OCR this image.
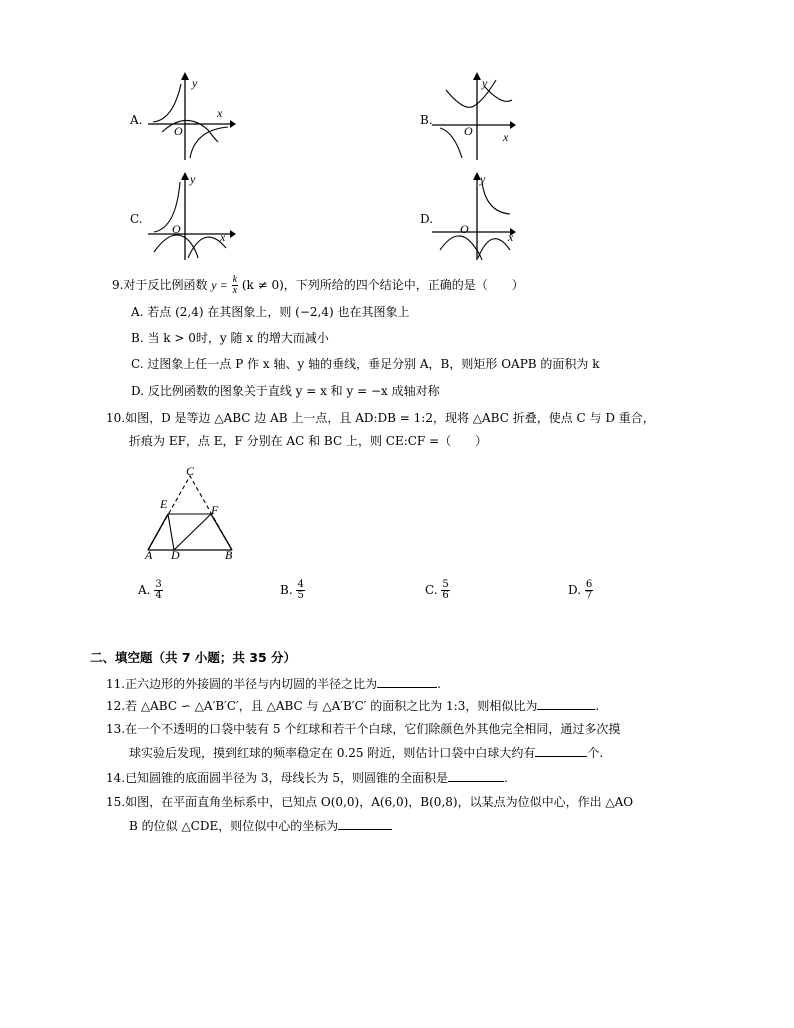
A.
y
x
O
B.
y
x
O
C.
y
x
O
D.
y
x
O
9.对于反比例函数 $y = \frac{k}{x} (k \ne 0)$，下列所给的四个结论中，正确的是（　　）
A. 若点 (2,4) 在其图象上，则 (−2,4) 也在其图象上
B. 当 k > 0时，y 随 x 的增大而减小
C. 过图象上任一点 P 作 x 轴、y 轴的垂线，垂足分别 A，B，则矩形 OAPB 的面积为 k
D. 反比例函数的图象关于直线 y = x 和 y = −x 成轴对称
10.如图，D 是等边 △ABC 边 AB 上一点，且 AD:DB = 1:2，现将 △ABC 折叠，使点 C 与 D 重合，
折痕为 EF，点 E，F 分别在 AC 和 BC 上，则 CE:CF =（　　）
C
E	F
A D	B
A. $\frac{3}{4}$	B. $\frac{4}{5}$	C. $\frac{5}{6}$	D. $\frac{6}{7}$
二、填空题（共 7 小题；共 35 分）
11.正六边形的外接圆的半径与内切圆的半径之比为	.
12.若 △ABC ∽ △A′B′C′，且 △ABC 与 △A′B′C′ 的面积之比为 1:3，则相似比为	.
13.在一个不透明的口袋中装有 5 个红球和若干个白球，它们除颜色外其他完全相同，通过多次摸
球实验后发现，摸到红球的频率稳定在 0.25 附近，则估计口袋中白球大约有	个.
14.已知圆锥的底面圆半径为 3，母线长为 5，则圆锥的全面积是	.
15.如图，在平面直角坐标系中，已知点 O(0,0)，A(6,0)，B(0,8)，以某点为位似中心，作出 △AO
B 的位似 △CDE，则位似中心的坐标为
